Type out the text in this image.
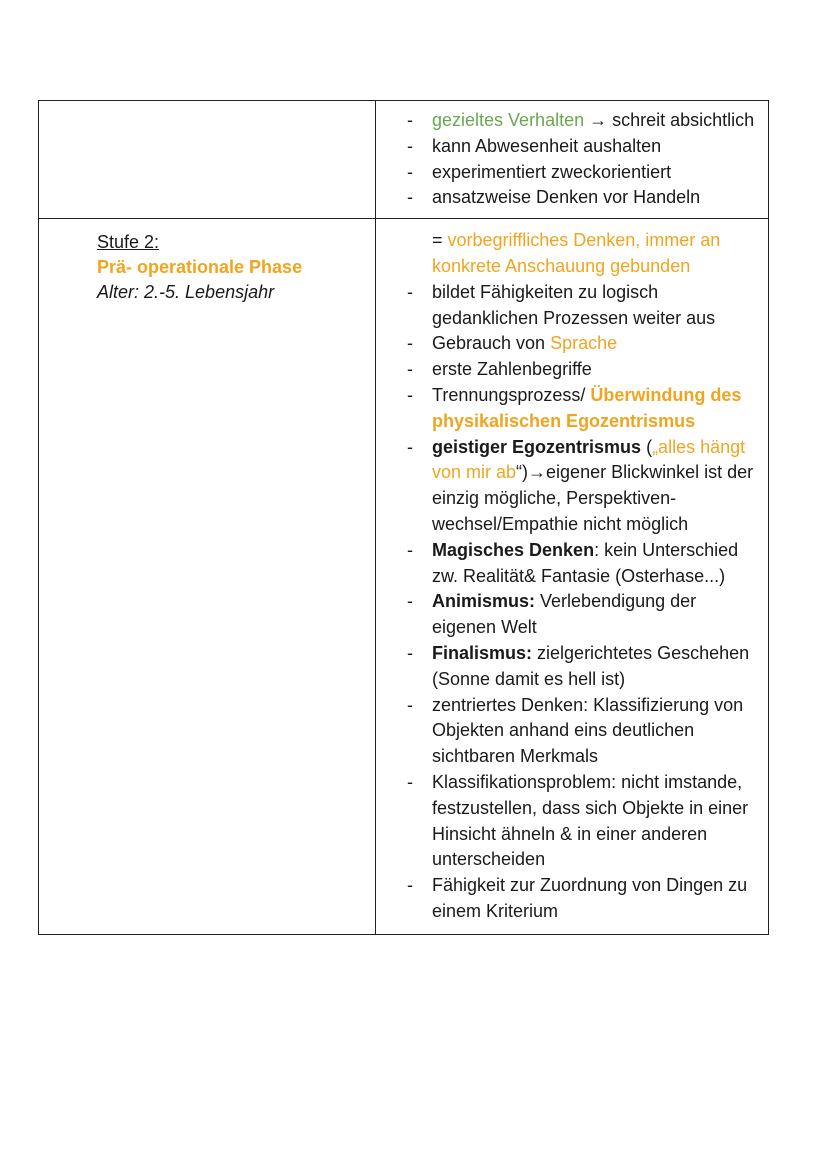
- gezieltes Verhalten → schreit absichtlich
- kann Abwesenheit aushalten
- experimentiert zweckorientiert
- ansatzweise Denken vor Handeln
Stufe 2:
Prä- operationale Phase
Alter: 2.-5. Lebensjahr
= vorbegriffliches Denken, immer an konkrete Anschauung gebunden
- bildet Fähigkeiten zu logisch gedanklichen Prozessen weiter aus
- Gebrauch von Sprache
- erste Zahlenbegriffe
- Trennungsprozess/ Überwindung des physikalischen Egozentrismus
- geistiger Egozentrismus („alles hängt von mir ab“)→eigener Blickwinkel ist der einzig mögliche, Perspektiven-wechsel/Empathie nicht möglich
- Magisches Denken: kein Unterschied zw. Realität& Fantasie (Osterhase...)
- Animismus: Verlebendigung der eigenen Welt
- Finalismus: zielgerichtetes Geschehen (Sonne damit es hell ist)
- zentriertes Denken: Klassifizierung von Objekten anhand eins deutlichen sichtbaren Merkmals
- Klassifikationsproblem: nicht imstande, festzustellen, dass sich Objekte in einer Hinsicht ähneln & in einer anderen unterscheiden
- Fähigkeit zur Zuordnung von Dingen zu einem Kriterium
